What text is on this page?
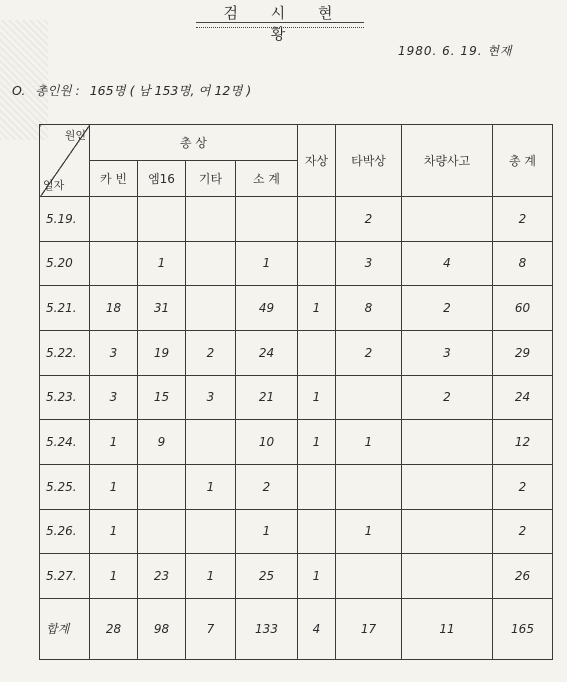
검 시 현 황
1980. 6. 19. 현재
O. 총인원 : 165명 ( 남 153명, 여 12명 )
원인
일자	총 상				자상	타박상	차량사고	총 계
	카 빈	엠16	기타	소 계				
5.19.						2		2
5.20		1		1		3	4	8
5.21.	18	31		49	1	8	2	60
5.22.	3	19	2	24		2	3	29
5.23.	3	15	3	21	1		2	24
5.24.	1	9		10	1	1		12
5.25.	1		1	2				2
5.26.	1			1		1		2
5.27.	1	23	1	25	1			26
합계	28	98	7	133	4	17	11	165
